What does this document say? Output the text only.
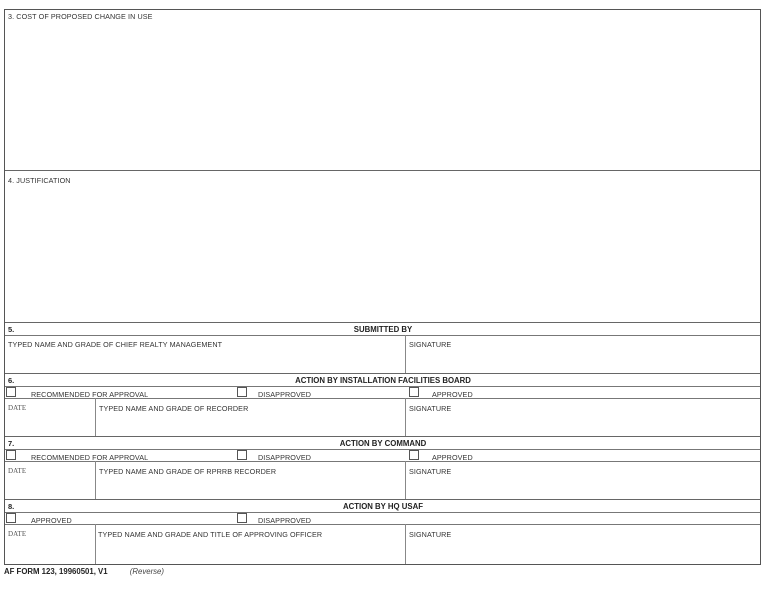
3. COST OF PROPOSED CHANGE IN USE
4. JUSTIFICATION
5.	SUBMITTED BY
TYPED NAME AND GRADE OF CHIEF REALTY MANAGEMENT	SIGNATURE
6.	ACTION BY INSTALLATION FACILITIES BOARD
RECOMMENDED FOR APPROVAL	DISAPPROVED	APPROVED
DATE	TYPED NAME AND GRADE OF RECORDER	SIGNATURE
7.	ACTION BY COMMAND
RECOMMENDED FOR APPROVAL	DISAPPROVED	APPROVED
DATE	TYPED NAME AND GRADE OF RPRRB RECORDER	SIGNATURE
8.	ACTION BY HQ USAF
APPROVED	DISAPPROVED
DATE	TYPED NAME AND GRADE AND TITLE OF APPROVING OFFICER	SIGNATURE
AF FORM 123, 19960501, V1	(Reverse)
